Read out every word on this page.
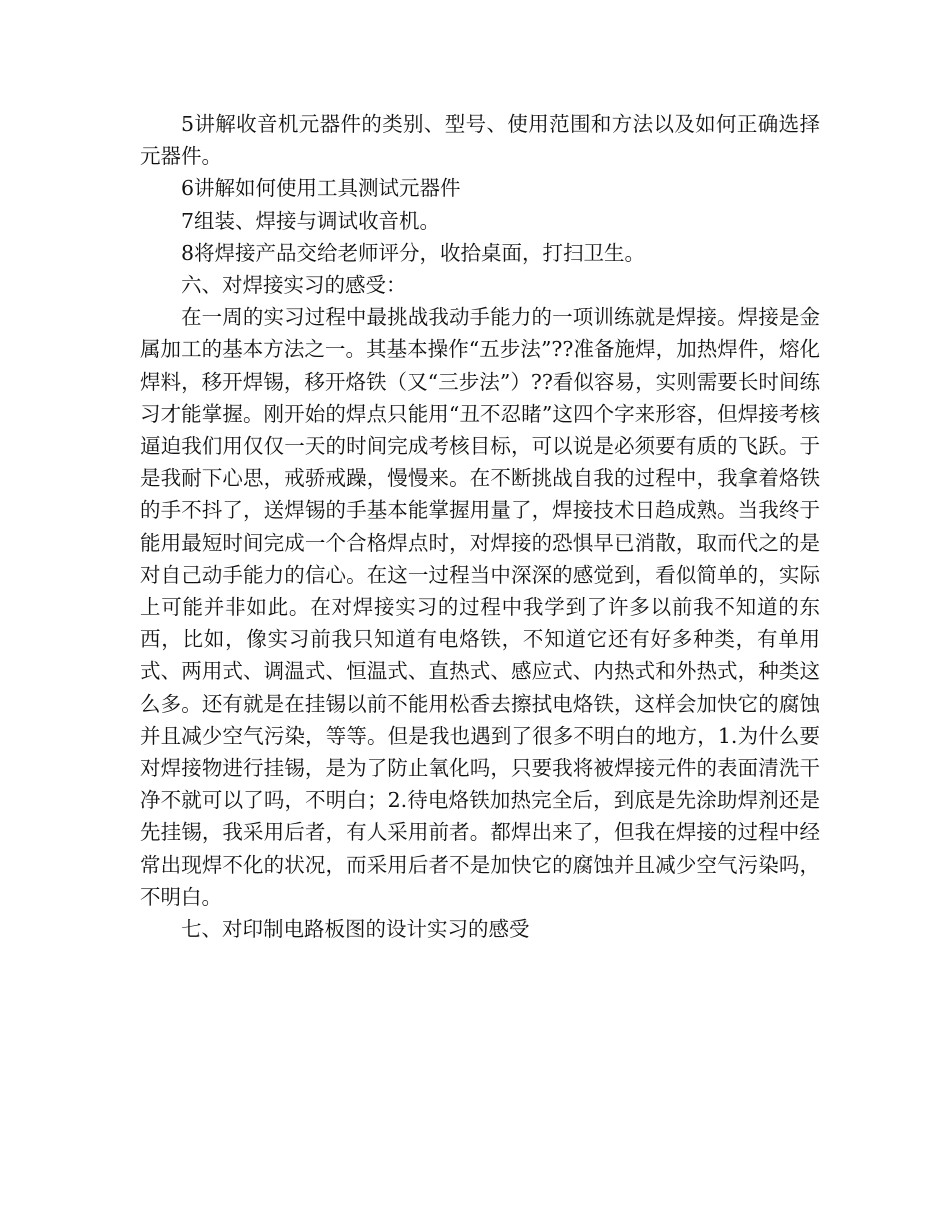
5讲解收音机元器件的类别、型号、使用范围和方法以及如何正确选择元器件。

6讲解如何使用工具测试元器件

7组装、焊接与调试收音机。

8将焊接产品交给老师评分，收拾桌面，打扫卫生。

六、对焊接实习的感受：

在一周的实习过程中最挑战我动手能力的一项训练就是焊接。焊接是金属加工的基本方法之一。其基本操作“五步法”??准备施焊，加热焊件，熔化焊料，移开焊锡，移开烙铁（又“三步法”）??看似容易，实则需要长时间练习才能掌握。刚开始的焊点只能用“丑不忍睹”这四个字来形容，但焊接考核逼迫我们用仅仅一天的时间完成考核目标，可以说是必须要有质的飞跃。于是我耐下心思，戒骄戒躁，慢慢来。在不断挑战自我的过程中，我拿着烙铁的手不抖了，送焊锡的手基本能掌握用量了，焊接技术日趋成熟。当我终于能用最短时间完成一个合格焊点时，对焊接的恐惧早已消散，取而代之的是对自己动手能力的信心。在这一过程当中深深的感觉到，看似简单的，实际上可能并非如此。在对焊接实习的过程中我学到了许多以前我不知道的东西，比如，像实习前我只知道有电烙铁，不知道它还有好多种类，有单用式、两用式、调温式、恒温式、直热式、感应式、内热式和外热式，种类这么多。还有就是在挂锡以前不能用松香去擦拭电烙铁，这样会加快它的腐蚀并且减少空气污染，等等。但是我也遇到了很多不明白的地方，1.为什么要对焊接物进行挂锡，是为了防止氧化吗，只要我将被焊接元件的表面清洗干净不就可以了吗，不明白；2.待电烙铁加热完全后，到底是先涂助焊剂还是先挂锡，我采用后者，有人采用前者。都焊出来了，但我在焊接的过程中经常出现焊不化的状况，而采用后者不是加快它的腐蚀并且减少空气污染吗，不明白。

七、对印制电路板图的设计实习的感受
